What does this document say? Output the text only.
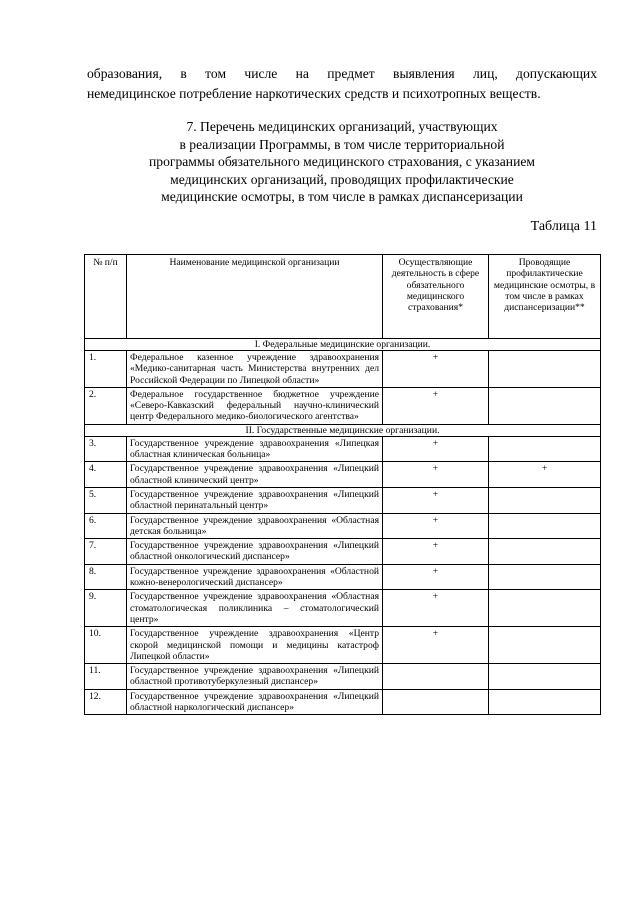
образования, в том числе на предмет выявления лиц, допускающих
немедицинское потребление наркотических средств и психотропных веществ.
7. Перечень медицинских организаций, участвующих
в реализации Программы, в том числе территориальной
программы обязательного медицинского страхования, с указанием
медицинских организаций, проводящих профилактические
медицинские осмотры, в том числе в рамках диспансеризации
Таблица 11
№ п/п	Наименование медицинской организации	Осуществляющие деятельность в сфере обязательного медицинского страхования*	Проводящие профилактические медицинские осмотры, в том числе в рамках диспансеризации**
I. Федеральные медицинские организации.			
1.	Федеральное казенное учреждение здравоохранения «Медико-санитарная часть Министерства внутренних дел Российской Федерации по Липецкой области»	+	
2.	Федеральное государственное бюджетное учреждение «Северо-Кавказский федеральный научно-клинический центр Федерального медико-биологического агентства»	+	
II. Государственные медицинские организации.			
3.	Государственное учреждение здравоохранения «Липецкая областная клиническая больница»	+	
4.	Государственное учреждение здравоохранения «Липецкий областной клинический центр»	+	+
5.	Государственное учреждение здравоохранения «Липецкий областной перинатальный центр»	+	
6.	Государственное учреждение здравоохранения «Областная детская больница»	+	
7.	Государственное учреждение здравоохранения «Липецкий областной онкологический диспансер»	+	
8.	Государственное учреждение здравоохранения «Областной кожно-венерологический диспансер»	+	
9.	Государственное учреждение здравоохранения «Областная стоматологическая поликлиника – стоматологический центр»	+	
10.	Государственное учреждение здравоохранения «Центр скорой медицинской помощи и медицины катастроф Липецкой области»	+	
11.	Государственное учреждение здравоохранения «Липецкий областной противотуберкулезный диспансер»		
12.	Государственное учреждение здравоохранения «Липецкий областной наркологический диспансер»		
